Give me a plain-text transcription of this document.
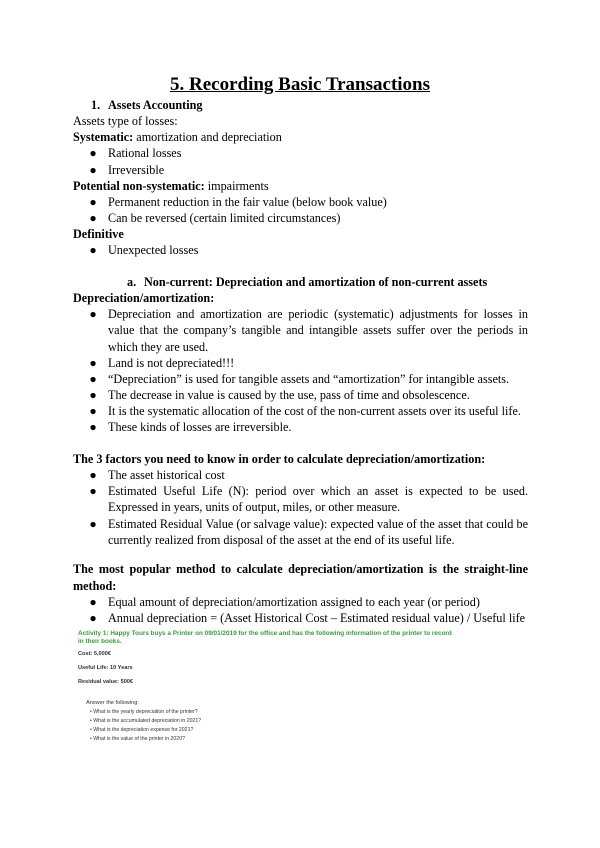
5. Recording Basic Transactions
1. Assets Accounting
Assets type of losses:
Systematic: amortization and depreciation
● Rational losses
● Irreversible
Potential non-systematic: impairments
● Permanent reduction in the fair value (below book value)
● Can be reversed (certain limited circumstances)
Definitive
● Unexpected losses
a. Non-current: Depreciation and amortization of non-current assets
Depreciation/amortization:
● Depreciation and amortization are periodic (systematic) adjustments for losses in value that the company’s tangible and intangible assets suffer over the periods in which they are used.
● Land is not depreciated!!!
● “Depreciation” is used for tangible assets and “amortization” for intangible assets.
● The decrease in value is caused by the use, pass of time and obsolescence.
● It is the systematic allocation of the cost of the non-current assets over its useful life.
● These kinds of losses are irreversible.
The 3 factors you need to know in order to calculate depreciation/amortization:
● The asset historical cost
● Estimated Useful Life (N): period over which an asset is expected to be used. Expressed in years, units of output, miles, or other measure.
● Estimated Residual Value (or salvage value): expected value of the asset that could be currently realized from disposal of the asset at the end of its useful life.
The most popular method to calculate depreciation/amortization is the straight-line method:
● Equal amount of depreciation/amortization assigned to each year (or period)
● Annual depreciation = (Asset Historical Cost – Estimated residual value) / Useful life
Activity 1: Happy Tours buys a Printer on 09/01/2019 for the office and has the following information of the printer to record in their books.
Cost: 5,000€
Useful Life: 10 Years
Residual value: 500€
Answer the following:
• What is the yearly depreciation of the printer?
• What is the accumulated depreciation in 2021?
• What is the depreciation expense for 2021?
• What is the value of the printer in 2020?
